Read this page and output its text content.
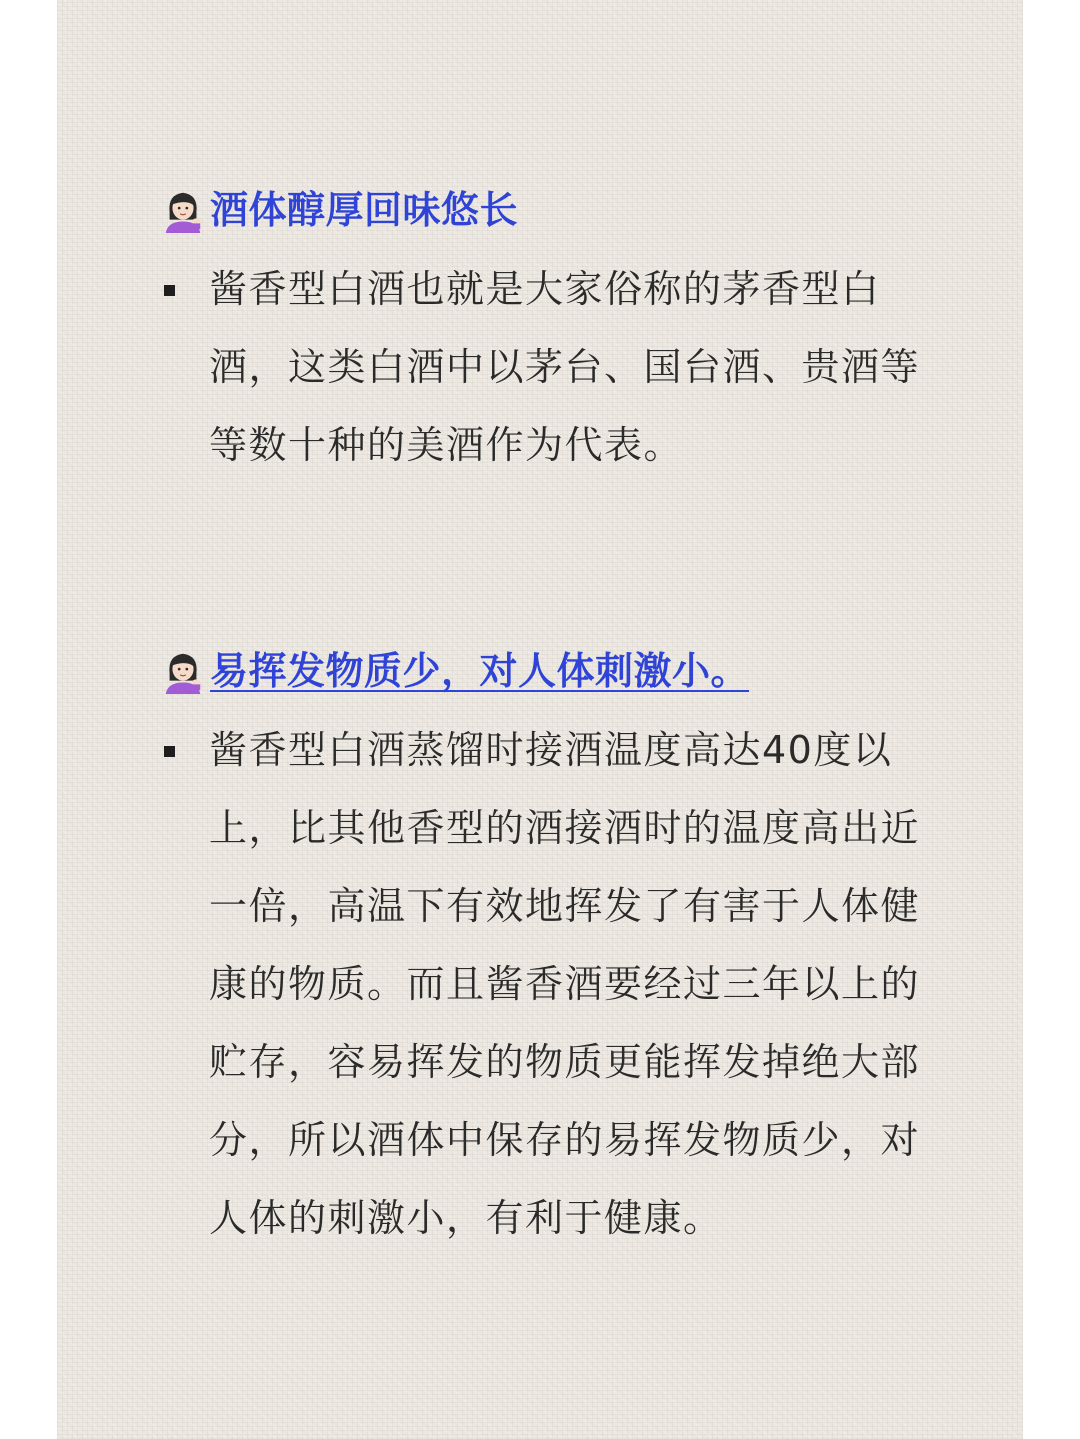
酒体醇厚回味悠长

酱香型白酒也就是大家俗称的茅香型白酒，这类白酒中以茅台、国台酒、贵酒等等数十种的美酒作为代表。

易挥发物质少，对人体刺激小。

酱香型白酒蒸馏时接酒温度高达40度以上，比其他香型的酒接酒时的温度高出近一倍，高温下有效地挥发了有害于人体健康的物质。而且酱香酒要经过三年以上的贮存，容易挥发的物质更能挥发掉绝大部分，所以酒体中保存的易挥发物质少，对人体的刺激小，有利于健康。
